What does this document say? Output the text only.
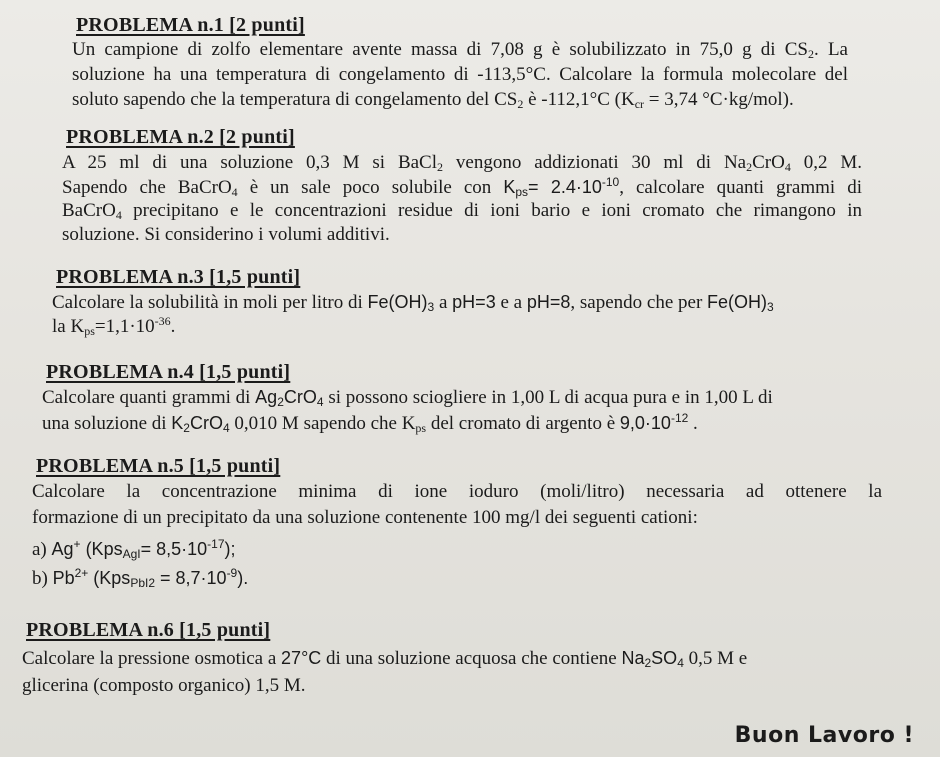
PROBLEMA n.1 [2 punti]
Un campione di zolfo elementare avente massa di 7,08 g è solubilizzato in 75,0 g di $CS_2$. La
soluzione ha una temperatura di congelamento di -113,5°C. Calcolare la formula molecolare del
soluto sapendo che la temperatura di congelamento del $CS_2$ è -112,1°C ($K_{cr} = 3,74$ °C·kg/mol).
PROBLEMA n.2 [2 punti]
A 25 ml di una soluzione 0,3 M si BaCl$_2$ vengono addizionati 30 ml di $Na_2CrO_4$ 0,2 M.
Sapendo che BaCrO$_4$ è un sale poco solubile con $K_{ps}= 2.4\cdot 10^{-10}$, calcolare quanti grammi di
BaCrO$_4$ precipitano e le concentrazioni residue di ioni bario e ioni cromato che rimangono in
soluzione. Si considerino i volumi additivi.
PROBLEMA n.3 [1,5 punti]
Calcolare la solubilità in moli per litro di $Fe(OH)_3$ a pH=3 e a pH=8, sapendo che per $Fe(OH)_3$
la $K_{ps}=1,1\cdot 10^{-36}$.
PROBLEMA n.4 [1,5 punti]
Calcolare quanti grammi di $Ag_2CrO_4$ si possono sciogliere in 1,00 L di acqua pura e in 1,00 L di
una soluzione di $K_2CrO_4$ 0,010 M sapendo che $K_{ps}$ del cromato di argento è $9,0\cdot 10^{-12}$ .
PROBLEMA n.5 [1,5 punti]
Calcolare la concentrazione minima di ione ioduro (moli/litro) necessaria ad ottenere la
formazione di un precipitato da una soluzione contenente 100 mg/l dei seguenti cationi:
a) Ag+ $(Kps_{AgI}= 8,5\cdot 10^{-17})$;
b) $Pb^{2+}$ $(Kps_{PbI2} = 8,7\cdot 10^{-9})$.
PROBLEMA n.6 [1,5 punti]
Calcolare la pressione osmotica a 27°C di una soluzione acquosa che contiene $Na_2SO_4$ 0,5 M e
glicerina (composto organico) 1,5 M.
Buon Lavoro !
